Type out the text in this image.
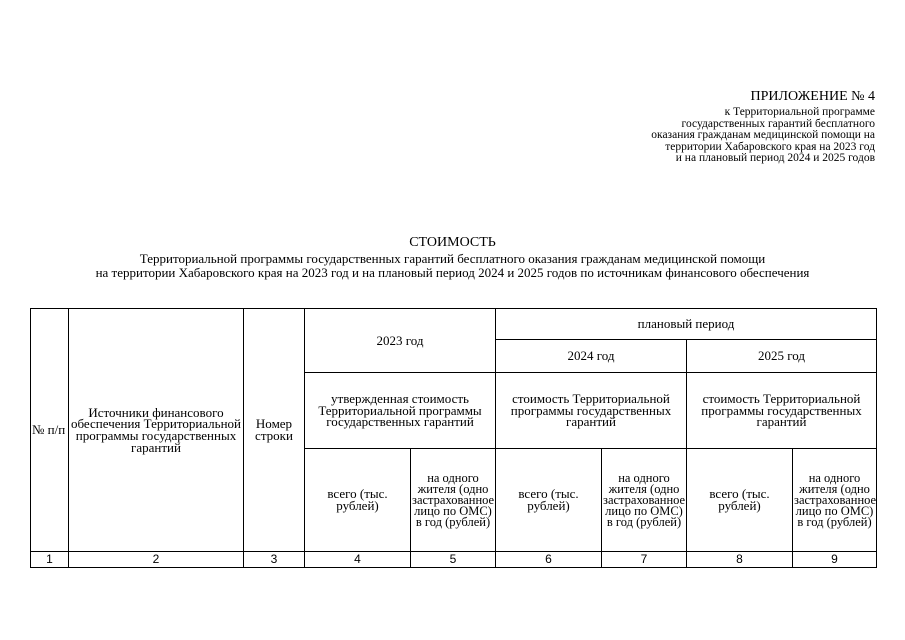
ПРИЛОЖЕНИЕ № 4
к Территориальной программе
государственных гарантий бесплатного
оказания гражданам медицинской помощи на
территории Хабаровского края на 2023 год
и на плановый период 2024 и 2025 годов
СТОИМОСТЬ
Территориальной программы государственных гарантий бесплатного оказания гражданам медицинской помощи
на территории Хабаровского края на 2023 год и на плановый период 2024 и 2025 годов по источникам финансового обеспечения
№ п/п	Источники финансового обеспечения Территориальной программы государственных гарантий	Номер строки	2023 год		плановый период			
					2024 год		2025 год	
			утвержденная стоимость Территориальной программы государственных гарантий		стоимость Территориальной программы государственных гарантий		стоимость Территориальной программы государственных гарантий	
			всего (тыс. рублей)	на одного жителя (одно застрахованное лицо по ОМС) в год (рублей)	всего (тыс. рублей)	на одного жителя (одно застрахованное лицо по ОМС) в год (рублей)	всего (тыс. рублей)	на одного жителя (одно застрахованное лицо по ОМС) в год (рублей)
1	2	3	4	5	6	7	8	9
